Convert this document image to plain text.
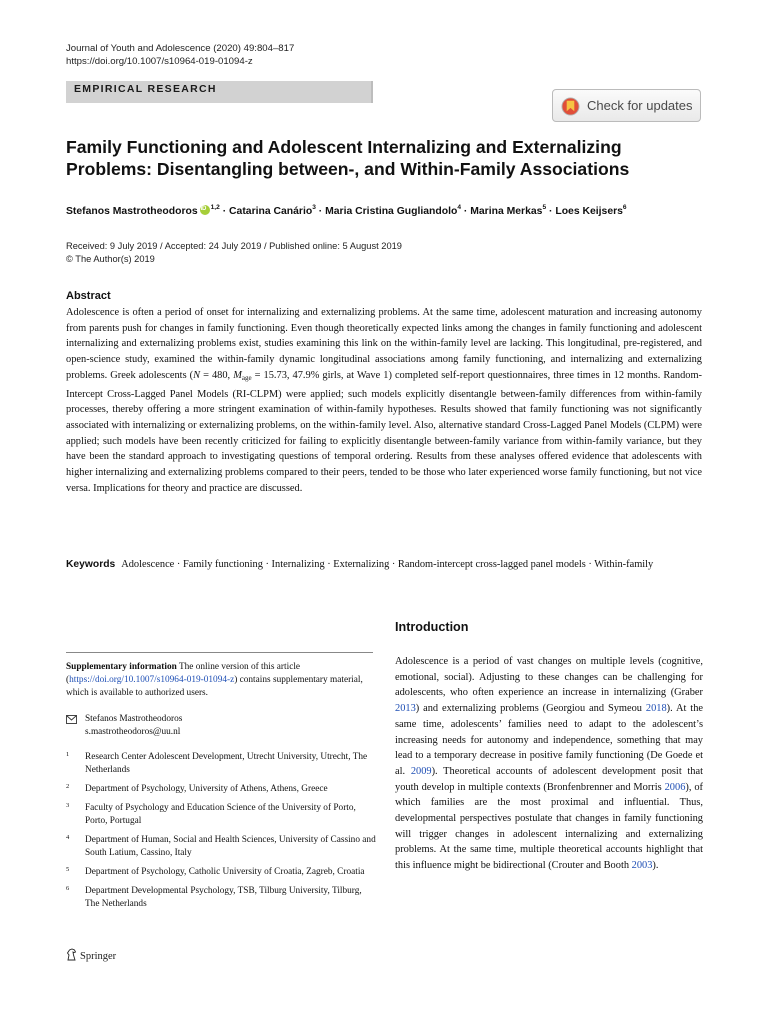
Journal of Youth and Adolescence (2020) 49:804–817
https://doi.org/10.1007/s10964-019-01094-z
EMPIRICAL RESEARCH
Check for updates
Family Functioning and Adolescent Internalizing and Externalizing
Problems: Disentangling between-, and Within-Family Associations
Stefanos MastrotheodorosiD $^{1,2}$ · Catarina Canário$^3$ · Maria Cristina Gugliandolo$^4$ · Marina Merkas$^5$ · Loes Keijsers$^6$
Received: 9 July 2019 / Accepted: 24 July 2019 / Published online: 5 August 2019
© The Author(s) 2019
Abstract
Adolescence is often a period of onset for internalizing and externalizing problems. At the same time, adolescent maturation and increasing autonomy from parents push for changes in family functioning. Even though theoretically expected links among the changes in family functioning and adolescent internalizing and externalizing problems exist, studies examining this link on the within-family level are lacking. This longitudinal, pre-registered, and open-science study, examined the within-family dynamic longitudinal associations among family functioning, and internalizing and externalizing problems. Greek adolescents (N = 480, $M_{age} = 15.73$, 47.9% girls, at Wave 1) completed self-report questionnaires, three times in 12 months. Random-Intercept Cross-Lagged Panel Models (RI-CLPM) were applied; such models explicitly disentangle between-family differences from within-family processes, thereby offering a more stringent examination of within-family hypotheses. Results showed that family functioning was not significantly associated with internalizing or externalizing problems, on the within-family level. Also, alternative standard Cross-Lagged Panel Models (CLPM) were applied; such models have been recently criticized for failing to explicitly disentangle between-family variance from within-family variance, but they have been the standard approach to investigating questions of temporal ordering. Results from these analyses offered evidence that adolescents with higher internalizing and externalizing problems compared to their peers, tended to be those who later experienced worse family functioning, but not vice versa. Implications for theory and practice are discussed.
Keywords Adolescence · Family functioning · Internalizing · Externalizing · Random-intercept cross-lagged panel models · Within-family
Introduction
Adolescence is a period of vast changes on multiple levels (cognitive, emotional, social). Adjusting to these changes can be challenging for adolescents, who often experience an increase in internalizing (Graber 2013) and externalizing problems (Georgiou and Symeou 2018). At the same time, adolescents’ families need to adapt to the adolescent’s increasing needs for autonomy and independence, something that may lead to a temporary decrease in positive family functioning (De Goede et al. 2009). Theoretical accounts of adolescent development posit that youth develop in multiple contexts (Bronfenbrenner and Morris 2006), of which families are the most proximal and influential. Thus, developmental perspectives postulate that changes in family functioning will trigger changes in adolescent internalizing and externalizing problems. At the same time, multiple theoretical accounts highlight that this influence might be bidirectional (Crouter and Booth 2003).
Supplementary information The online version of this article (https://doi.org/10.1007/s10964-019-01094-z) contains supplementary material, which is available to authorized users.
Stefanos Mastrotheodoros
s.mastrotheodoros@uu.nl
1 Research Center Adolescent Development, Utrecht University, Utrecht, The Netherlands
2 Department of Psychology, University of Athens, Athens, Greece
3 Faculty of Psychology and Education Science of the University of Porto, Porto, Portugal
4 Department of Human, Social and Health Sciences, University of Cassino and South Latium, Cassino, Italy
5 Department of Psychology, Catholic University of Croatia, Zagreb, Croatia
6 Department Developmental Psychology, TSB, Tilburg University, Tilburg, The Netherlands
Springer
